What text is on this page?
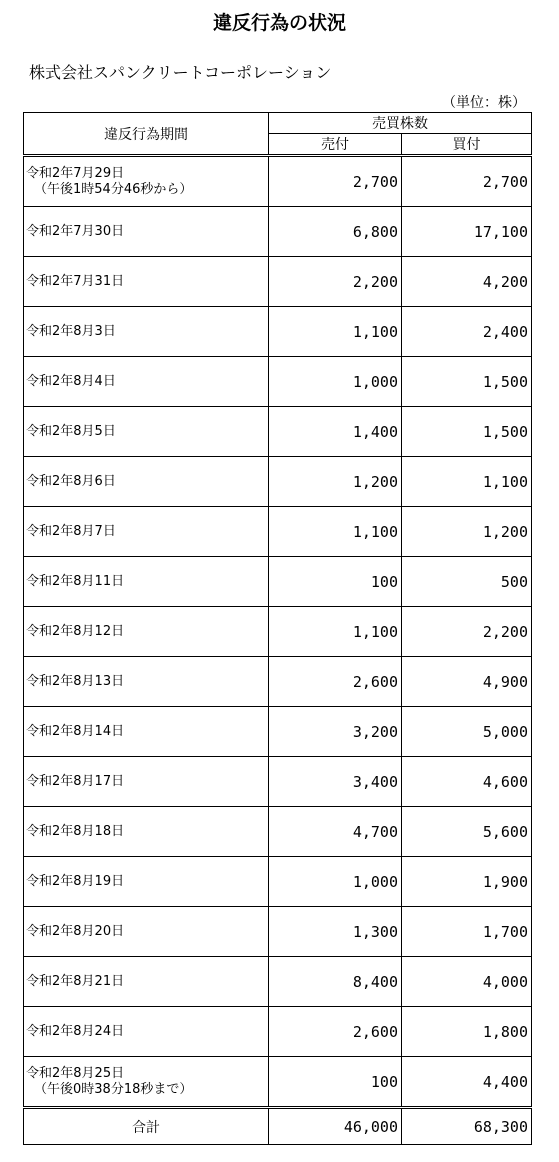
違反行為の状況
株式会社スパンクリートコーポレーション
（単位：株）
違反行為期間	売買株数	
	売付	買付
令和2年7月29日
（午後1時54分46秒から）	2,700	2,700
令和2年7月30日	6,800	17,100
令和2年7月31日	2,200	4,200
令和2年8月3日	1,100	2,400
令和2年8月4日	1,000	1,500
令和2年8月5日	1,400	1,500
令和2年8月6日	1,200	1,100
令和2年8月7日	1,100	1,200
令和2年8月11日	100	500
令和2年8月12日	1,100	2,200
令和2年8月13日	2,600	4,900
令和2年8月14日	3,200	5,000
令和2年8月17日	3,400	4,600
令和2年8月18日	4,700	5,600
令和2年8月19日	1,000	1,900
令和2年8月20日	1,300	1,700
令和2年8月21日	8,400	4,000
令和2年8月24日	2,600	1,800
令和2年8月25日
（午後0時38分18秒まで）	100	4,400
合計	46,000	68,300
